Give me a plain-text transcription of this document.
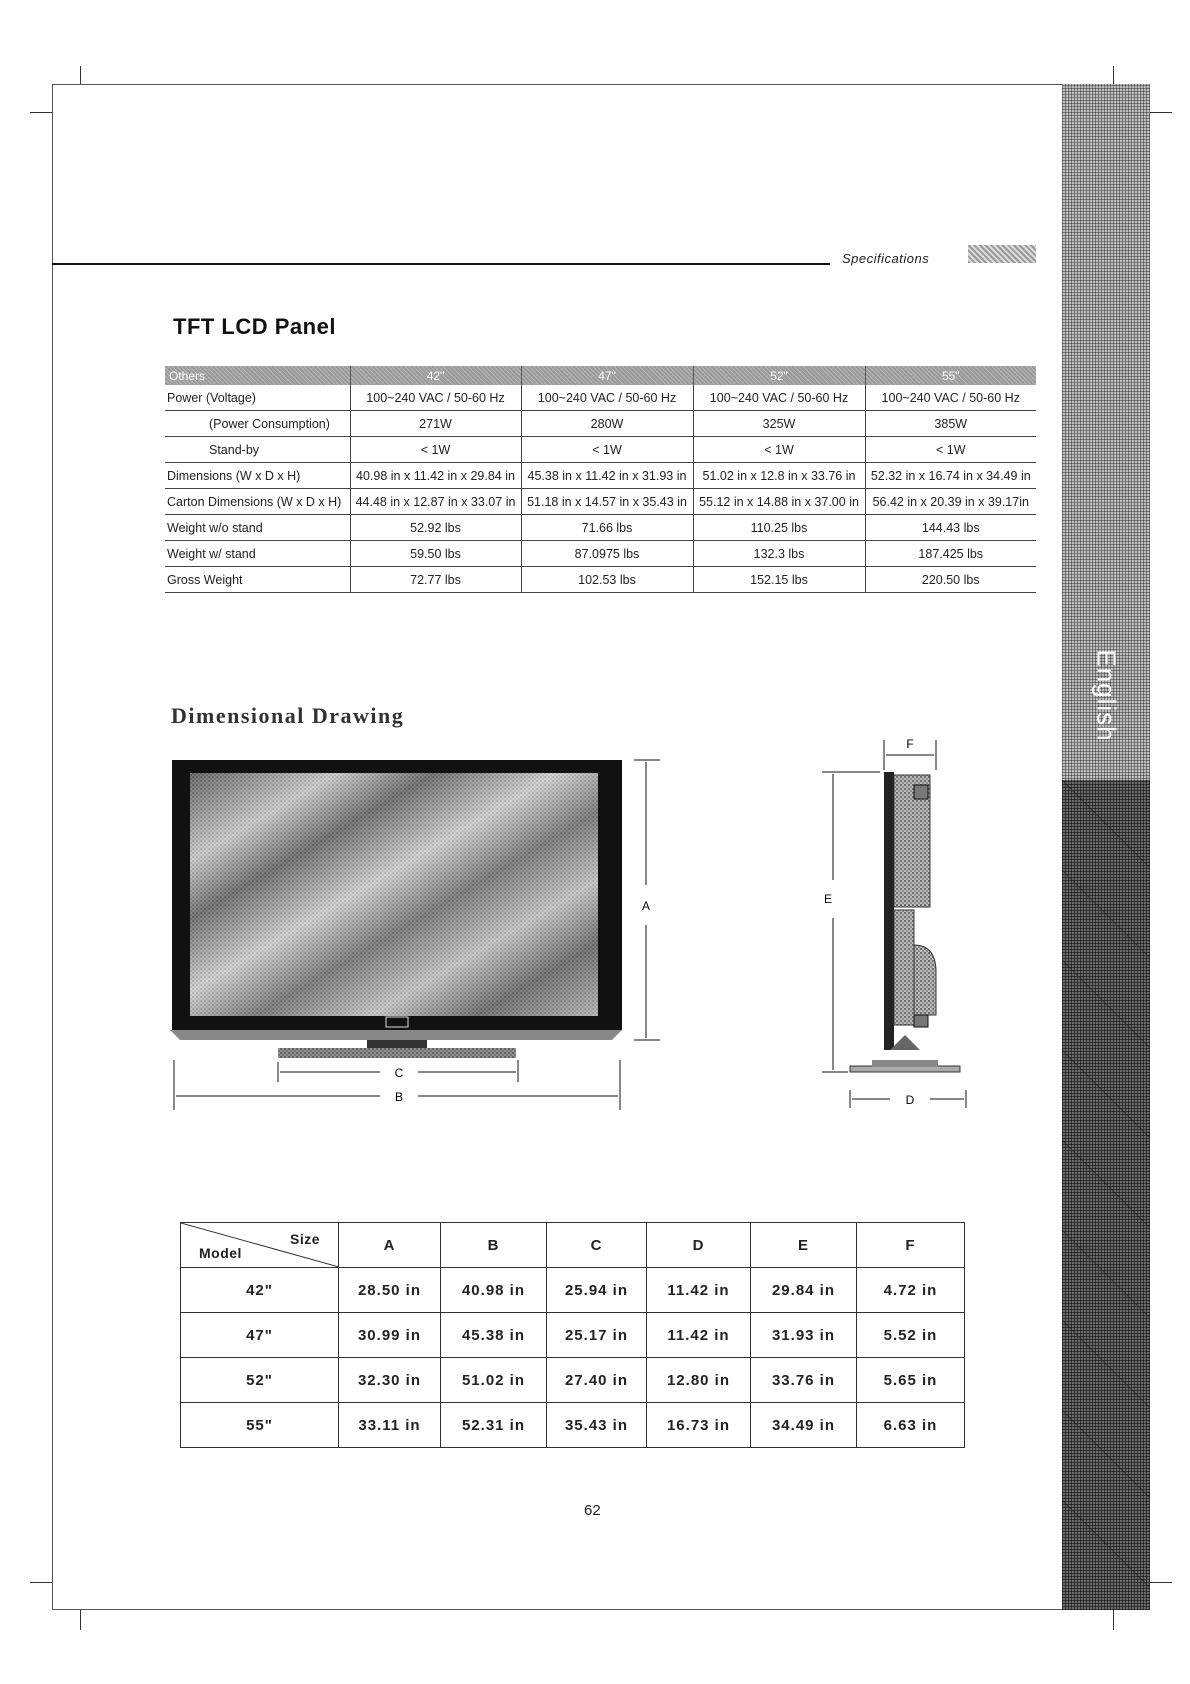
English
Specifications
TFT LCD Panel
Others	42"	47"	52"	55"
Power (Voltage)	100~240 VAC / 50-60 Hz	100~240 VAC / 50-60 Hz	100~240 VAC / 50-60 Hz	100~240 VAC / 50-60 Hz
(Power Consumption)	271W	280W	325W	385W
Stand-by	< 1W	< 1W	< 1W	< 1W
Dimensions (W x D x H)	40.98 in x 11.42 in x 29.84 in	45.38 in x 11.42 in x 31.93 in	51.02 in x 12.8 in x 33.76 in	52.32 in x 16.74 in x 34.49 in
Carton Dimensions (W x D x H)	44.48 in x 12.87 in x 33.07 in	51.18 in x 14.57 in x 35.43 in	55.12 in x 14.88 in x 37.00 in	56.42 in x 20.39 in x 39.17in
Weight w/o stand	52.92 lbs	71.66 lbs	110.25 lbs	144.43 lbs
Weight w/ stand	59.50 lbs	87.0975 lbs	132.3 lbs	187.425 lbs
Gross Weight	72.77 lbs	102.53 lbs	152.15 lbs	220.50 lbs
Dimensional Drawing
A
C
B
F
E
D
Size
Model	A	B	C	D	E	F
42"	28.50 in	40.98 in	25.94 in	11.42 in	29.84 in	4.72 in
47"	30.99 in	45.38 in	25.17 in	11.42 in	31.93 in	5.52 in
52"	32.30 in	51.02 in	27.40 in	12.80 in	33.76 in	5.65 in
55"	33.11 in	52.31 in	35.43 in	16.73 in	34.49 in	6.63 in
62
